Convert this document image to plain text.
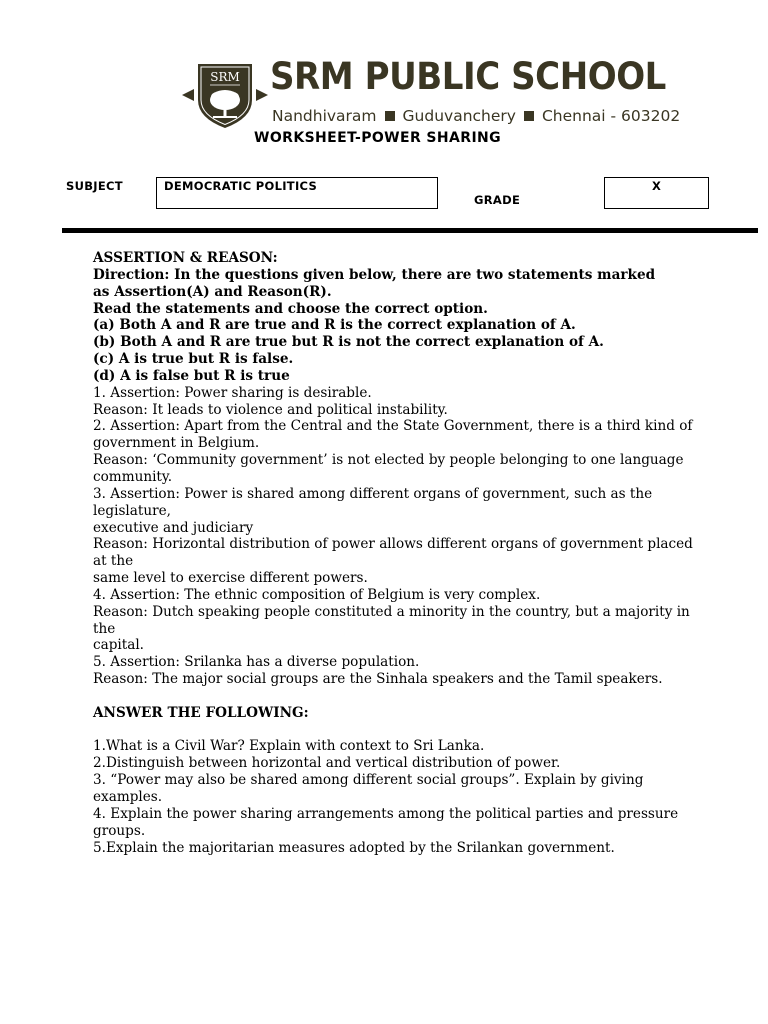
SRM SRM PUBLIC SCHOOL
Nandhivaram Guduvanchery Chennai - 603202
WORKSHEET-POWER SHARING
SUBJECT	DEMOCRATIC POLITICS
GRADE
X

ASSERTION & REASON:

Direction: In the questions given below, there are two statements marked

as Assertion(A) and Reason(R).

Read the statements and choose the correct option.

(a) Both A and R are true and R is the correct explanation of A.

(b) Both A and R are true but R is not the correct explanation of A.

(c) A is true but R is false.

(d) A is false but R is true

1. Assertion: Power sharing is desirable.

Reason: It leads to violence and political instability.

2. Assertion: Apart from the Central and the State Government, there is a third kind of

government in Belgium.

Reason: ‘Community government’ is not elected by people belonging to one language

community.

3. Assertion: Power is shared among different organs of government, such as the legislature,

executive and judiciary

Reason: Horizontal distribution of power allows different organs of government placed at the

same level to exercise different powers.

4. Assertion: The ethnic composition of Belgium is very complex.

Reason: Dutch speaking people constituted a minority in the country, but a majority in the

capital.

5. Assertion: Srilanka has a diverse population.

Reason: The major social groups are the Sinhala speakers and the Tamil speakers.

ANSWER THE FOLLOWING:

1.What is a Civil War? Explain with context to Sri Lanka.

2.Distinguish between horizontal and vertical distribution of power.

3. “Power may also be shared among different social groups”. Explain by giving examples.

4. Explain the power sharing arrangements among the political parties and pressure groups.

5.Explain the majoritarian measures adopted by the Srilankan government.
